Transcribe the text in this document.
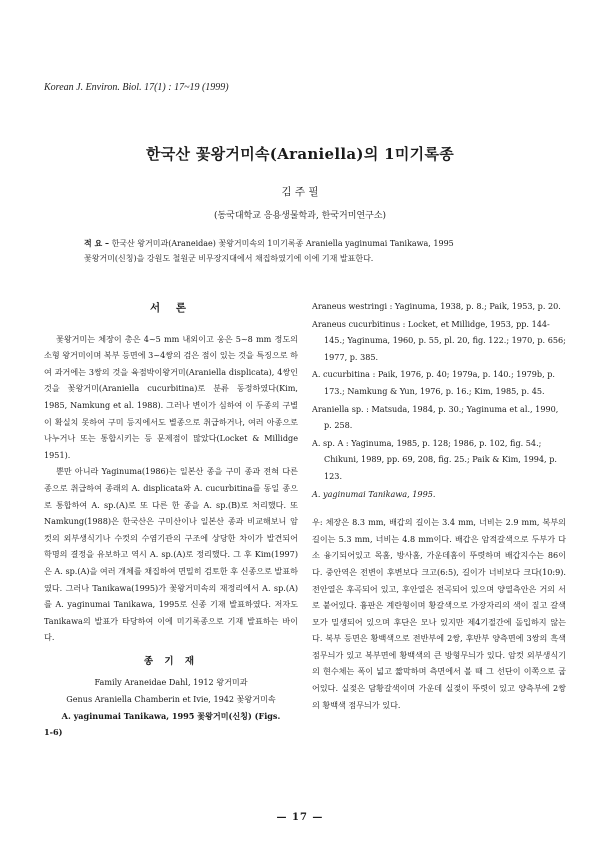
Korean J. Environ. Biol. 17(1) : 17~19 (1999)
한국산 꽃왕거미속(Araniella)의 1미기록종
김 주 필
(동국대학교 응용생물학과, 한국거미연구소)
적 요 – 한국산 왕거미과(Araneidae) 꽃왕거미속의 1미기록종 Araniella yaginumai Tanikawa, 1995
꽃왕거미(신칭)을 강원도 철원군 비무장지대에서 채집하였기에 이에 기재 발표한다.
서 론

꽃왕거미는 체장이 총은 4~5 mm 내외이고 웅은 5~8 mm 정도의 소형 왕거미이며 복부 등면에 3~4쌍의 검은 점이 있는 것을 특징으로 하여 과거에는 3쌍의 것을 육점박이왕거미(Araniella displicata), 4쌍인 것을 꽃왕거미(Araniella cucurbitina)로 분류 동정하였다(Kim, 1985, Namkung et al. 1988). 그러나 변이가 심하여 이 두종의 구별이 확실치 못하여 구미 등지에서도 별종으로 취급하거나, 여러 아종으로 나누거나 또는 통합시키는 등 문제점이 많았다(Locket & Millidge 1951).

뿐만 아니라 Yaginuma(1986)는 일본산 종을 구미 종과 전혀 다른 종으로 취급하여 종래의 A. displicata와 A. cucurbitina를 동일 종으로 통합하여 A. sp.(A)로 또 다른 한 종을 A. sp.(B)로 처리했다. 또 Namkung(1988)은 한국산은 구미산이나 일본산 종과 비교해보니 암컷의 외부생식기나 수컷의 수염기관의 구조에 상당한 차이가 발견되어 학명의 결정을 유보하고 역시 A. sp.(A)로 정리했다. 그 후 Kim(1997)은 A. sp.(A)을 여러 개체를 채집하여 면밀히 검토한 후 신종으로 발표하였다. 그러나 Tanikawa(1995)가 꽃왕거미속의 재정리에서 A. sp.(A)를 A. yaginumai Tanikawa, 1995로 신종 기재 발표하였다. 저자도 Tanikawa의 발표가 타당하여 이에 미기록종으로 기재 발표하는 바이다.

종 기 재
Family Araneidae Dahl, 1912 왕거미과
Genus Araniella Chamberin et Ivie, 1942 꽃왕거미속
A. yaginumai Tanikawa, 1995 꽃왕거미(신칭) (Figs.
1-6)

Araneus westringi : Yaginuma, 1938, p. 8.; Paik, 1953, p. 20.

Araneus cucurbitinus : Locket, et Millidge, 1953, pp. 144-145.; Yaginuma, 1960, p. 55, pl. 20, fig. 122.; 1970, p. 656; 1977, p. 385.

A. cucurbitina : Paik, 1976, p. 40; 1979a, p. 140.; 1979b, p. 173.; Namkung & Yun, 1976, p. 16.; Kim, 1985, p. 45.

Araniella sp. : Matsuda, 1984, p. 30.; Yaginuma et al., 1990, p. 258.

A. sp. A : Yaginuma, 1985, p. 128; 1986, p. 102, fig. 54.; Chikuni, 1989, pp. 69, 208, fig. 25.; Paik & Kim, 1994, p. 123.

A. yaginumai Tanikawa, 1995.

우: 체장은 8.3 mm, 배갑의 길이는 3.4 mm, 너비는 2.9 mm, 복부의 길이는 5.3 mm, 너비는 4.8 mm이다. 배갑은 암적갈색으로 두부가 다소 융기되어있고 목홈, 방사홈, 가운데홈이 뚜렷하며 배갑지수는 86이다. 중안역은 전변이 후변보다 크고(6:5), 길이가 너비보다 크다(10:9). 전안열은 후곡되어 있고, 후안열은 전곡되어 있으며 양열측안은 거의 서로 붙어있다. 흉판은 계란형이며 황갈색으로 가장자리의 색이 짙고 갈색모가 밀생되어 있으며 후단은 모나 있지만 제4기절간에 돌입하지 않는다. 복부 등면은 황백색으로 전반부에 2쌍, 후반부 양측면에 3쌍의 흑색 점무늬가 있고 복부면에 황백색의 큰 방형무늬가 있다. 암컷 외부생식기의 현수체는 폭이 넓고 짧막하며 측면에서 볼 때 그 선단이 이쪽으로 굽어있다. 실젖은 담황갈색이며 가운데 실젖이 뚜렷이 있고 양측부에 2쌍의 황백색 점무늬가 있다.

— 17 —
